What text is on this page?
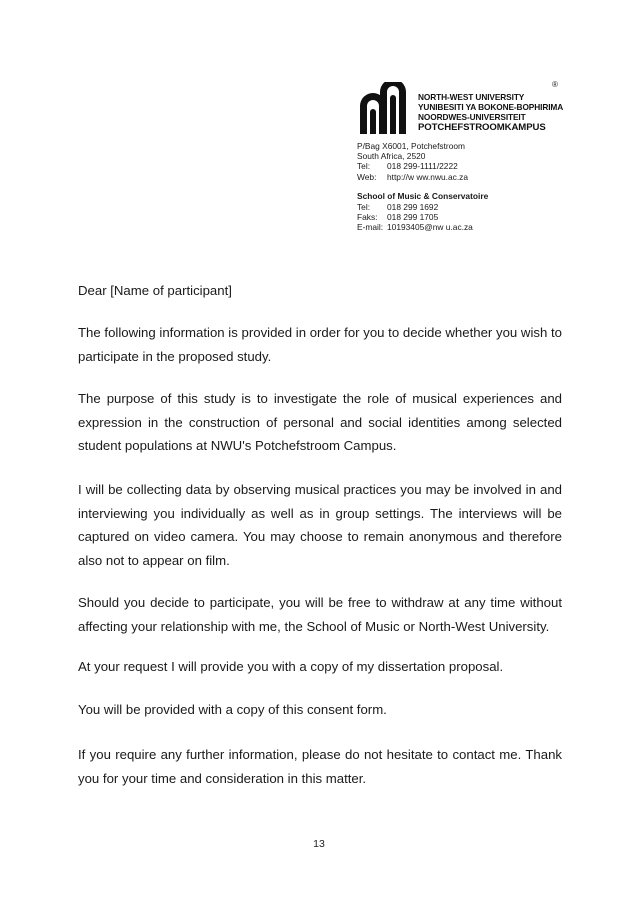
NORTH-WEST UNIVERSITY
YUNIBESITI YA BOKONE-BOPHIRIMA
NOORDWES-UNIVERSITEIT
POTCHEFSTROOMKAMPUS
®
P/Bag X6001, Potchefstroom
South Africa, 2520
Tel: 018 299-1111/2222
Web: http://w ww.nwu.ac.za
School of Music & Conservatoire
Tel: 018 299 1692
Faks: 018 299 1705
E-mail: 10193405@nw u.ac.za
Dear [Name of participant]
The following information is provided in order for you to decide whether you wish to participate in the proposed study.
The purpose of this study is to investigate the role of musical experiences and expression in the construction of personal and social identities among selected student populations at NWU's Potchefstroom Campus.
I will be collecting data by observing musical practices you may be involved in and interviewing you individually as well as in group settings. The interviews will be captured on video camera. You may choose to remain anonymous and therefore also not to appear on film.
Should you decide to participate, you will be free to withdraw at any time without affecting your relationship with me, the School of Music or North-West University.
At your request I will provide you with a copy of my dissertation proposal.
You will be provided with a copy of this consent form.
If you require any further information, please do not hesitate to contact me. Thank you for your time and consideration in this matter.
13
